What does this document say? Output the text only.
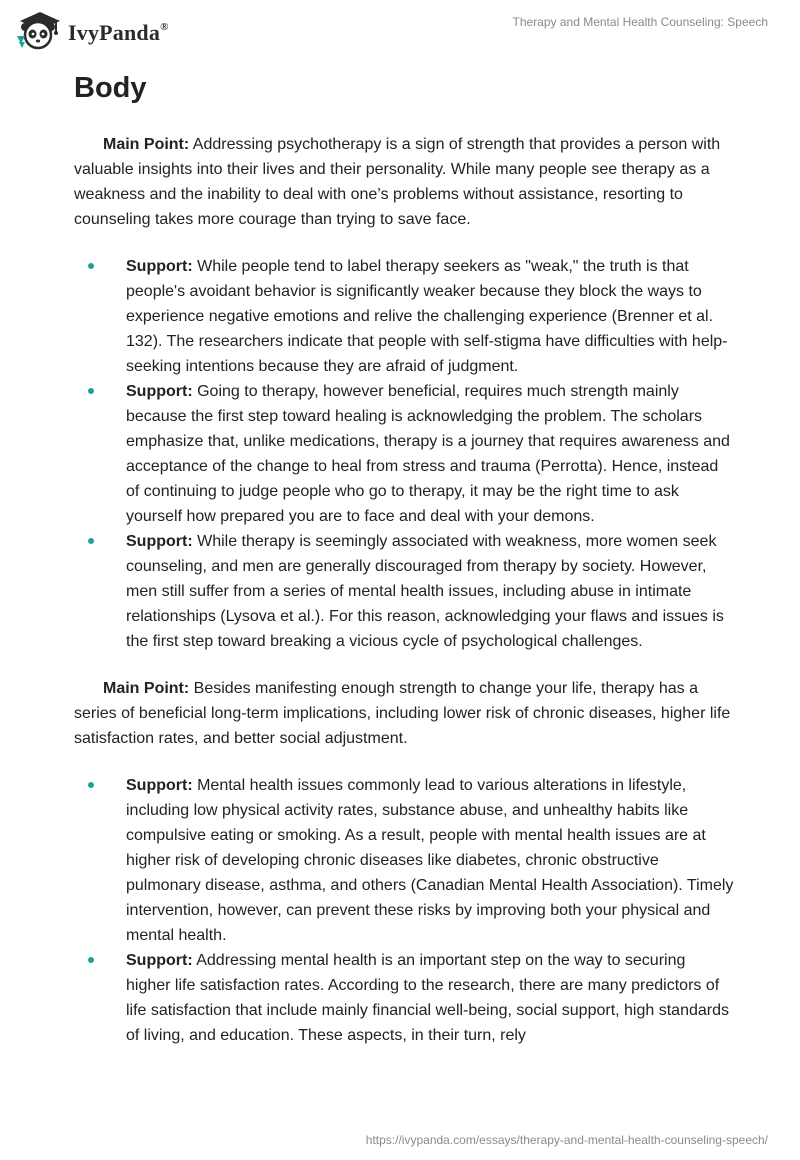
IvyPanda®	Therapy and Mental Health Counseling: Speech
Body

Main Point: Addressing psychotherapy is a sign of strength that provides a person with valuable insights into their lives and their personality. While many people see therapy as a weakness and the inability to deal with one’s problems without assistance, resorting to counseling takes more courage than trying to save face.

Support: While people tend to label therapy seekers as "weak," the truth is that people's avoidant behavior is significantly weaker because they block the ways to experience negative emotions and relive the challenging experience (Brenner et al. 132). The researchers indicate that people with self-stigma have difficulties with help-seeking intentions because they are afraid of judgment.
Support: Going to therapy, however beneficial, requires much strength mainly because the first step toward healing is acknowledging the problem. The scholars emphasize that, unlike medications, therapy is a journey that requires awareness and acceptance of the change to heal from stress and trauma (Perrotta). Hence, instead of continuing to judge people who go to therapy, it may be the right time to ask yourself how prepared you are to face and deal with your demons.
Support: While therapy is seemingly associated with weakness, more women seek counseling, and men are generally discouraged from therapy by society. However, men still suffer from a series of mental health issues, including abuse in intimate relationships (Lysova et al.). For this reason, acknowledging your flaws and issues is the first step toward breaking a vicious cycle of psychological challenges.

Main Point: Besides manifesting enough strength to change your life, therapy has a series of beneficial long-term implications, including lower risk of chronic diseases, higher life satisfaction rates, and better social adjustment.

Support: Mental health issues commonly lead to various alterations in lifestyle, including low physical activity rates, substance abuse, and unhealthy habits like compulsive eating or smoking. As a result, people with mental health issues are at higher risk of developing chronic diseases like diabetes, chronic obstructive pulmonary disease, asthma, and others (Canadian Mental Health Association). Timely intervention, however, can prevent these risks by improving both your physical and mental health.
Support: Addressing mental health is an important step on the way to securing higher life satisfaction rates. According to the research, there are many predictors of life satisfaction that include mainly financial well-being, social support, high standards of living, and education. These aspects, in their turn, rely
https://ivypanda.com/essays/therapy-and-mental-health-counseling-speech/
